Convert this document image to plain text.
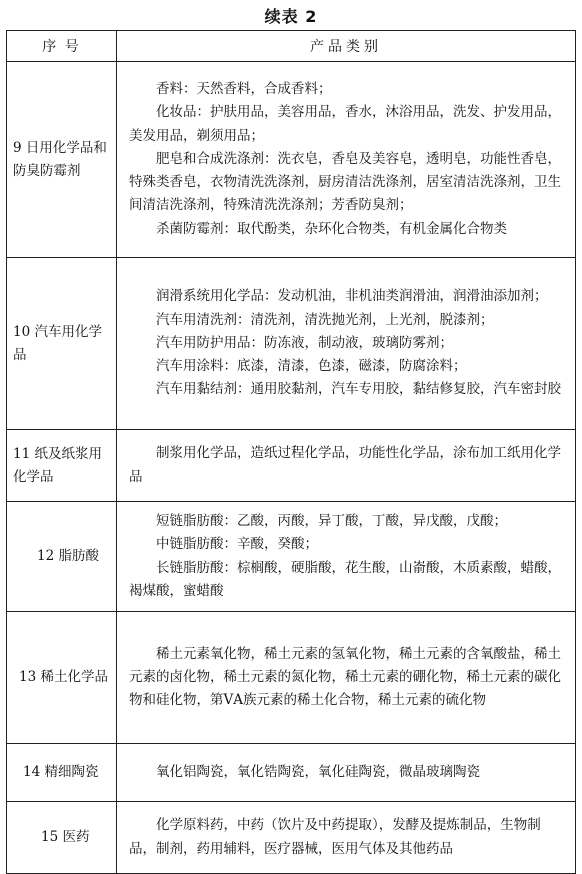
续表 2
序 号	产品类别
9 日用化学品和防臭防霉剂	香料：天然香料，合成香料；

化妆品：护肤用品，美容用品，香水，沐浴用品，洗发、护发用品，美发用品，剃须用品；

肥皂和合成洗涤剂：洗衣皂，香皂及美容皂，透明皂，功能性香皂，特殊类香皂，衣物清洗洗涤剂，厨房清洁洗涤剂，居室清洁洗涤剂，卫生间清洁洗涤剂，特殊清洗洗涤剂；芳香防臭剂；

杀菌防霉剂：取代酚类，杂环化合物类，有机金属化合物类

10 汽车用化学品	润滑系统用化学品：发动机油，非机油类润滑油，润滑油添加剂；

汽车用清洗剂：清洗剂，清洗抛光剂，上光剂，脱漆剂；

汽车用防护用品：防冻液，制动液，玻璃防雾剂；

汽车用涂料：底漆，清漆，色漆，磁漆，防腐涂料；

汽车用黏结剂：通用胶黏剂，汽车专用胶，黏结修复胶，汽车密封胶

11 纸及纸浆用化学品	制浆用化学品，造纸过程化学品，功能性化学品，涂布加工纸用化学品

12 脂肪酸	短链脂肪酸：乙酸，丙酸，异丁酸，丁酸，异戊酸，戊酸；

中链脂肪酸：辛酸，癸酸；

长链脂肪酸：棕榈酸，硬脂酸，花生酸，山嵛酸，木质素酸，蜡酸，褐煤酸，蜜蜡酸

13 稀土化学品	稀土元素氧化物，稀土元素的氢氧化物，稀土元素的含氧酸盐，稀土元素的卤化物，稀土元素的氮化物，稀土元素的硼化物，稀土元素的碳化物和硅化物，第ⅤA族元素的稀土化合物，稀土元素的硫化物

14 精细陶瓷	氧化铝陶瓷，氧化锆陶瓷，氧化硅陶瓷，微晶玻璃陶瓷

15 医药	化学原料药，中药（饮片及中药提取），发酵及提炼制品，生物制品，制剂，药用辅料，医疗器械，医用气体及其他药品
